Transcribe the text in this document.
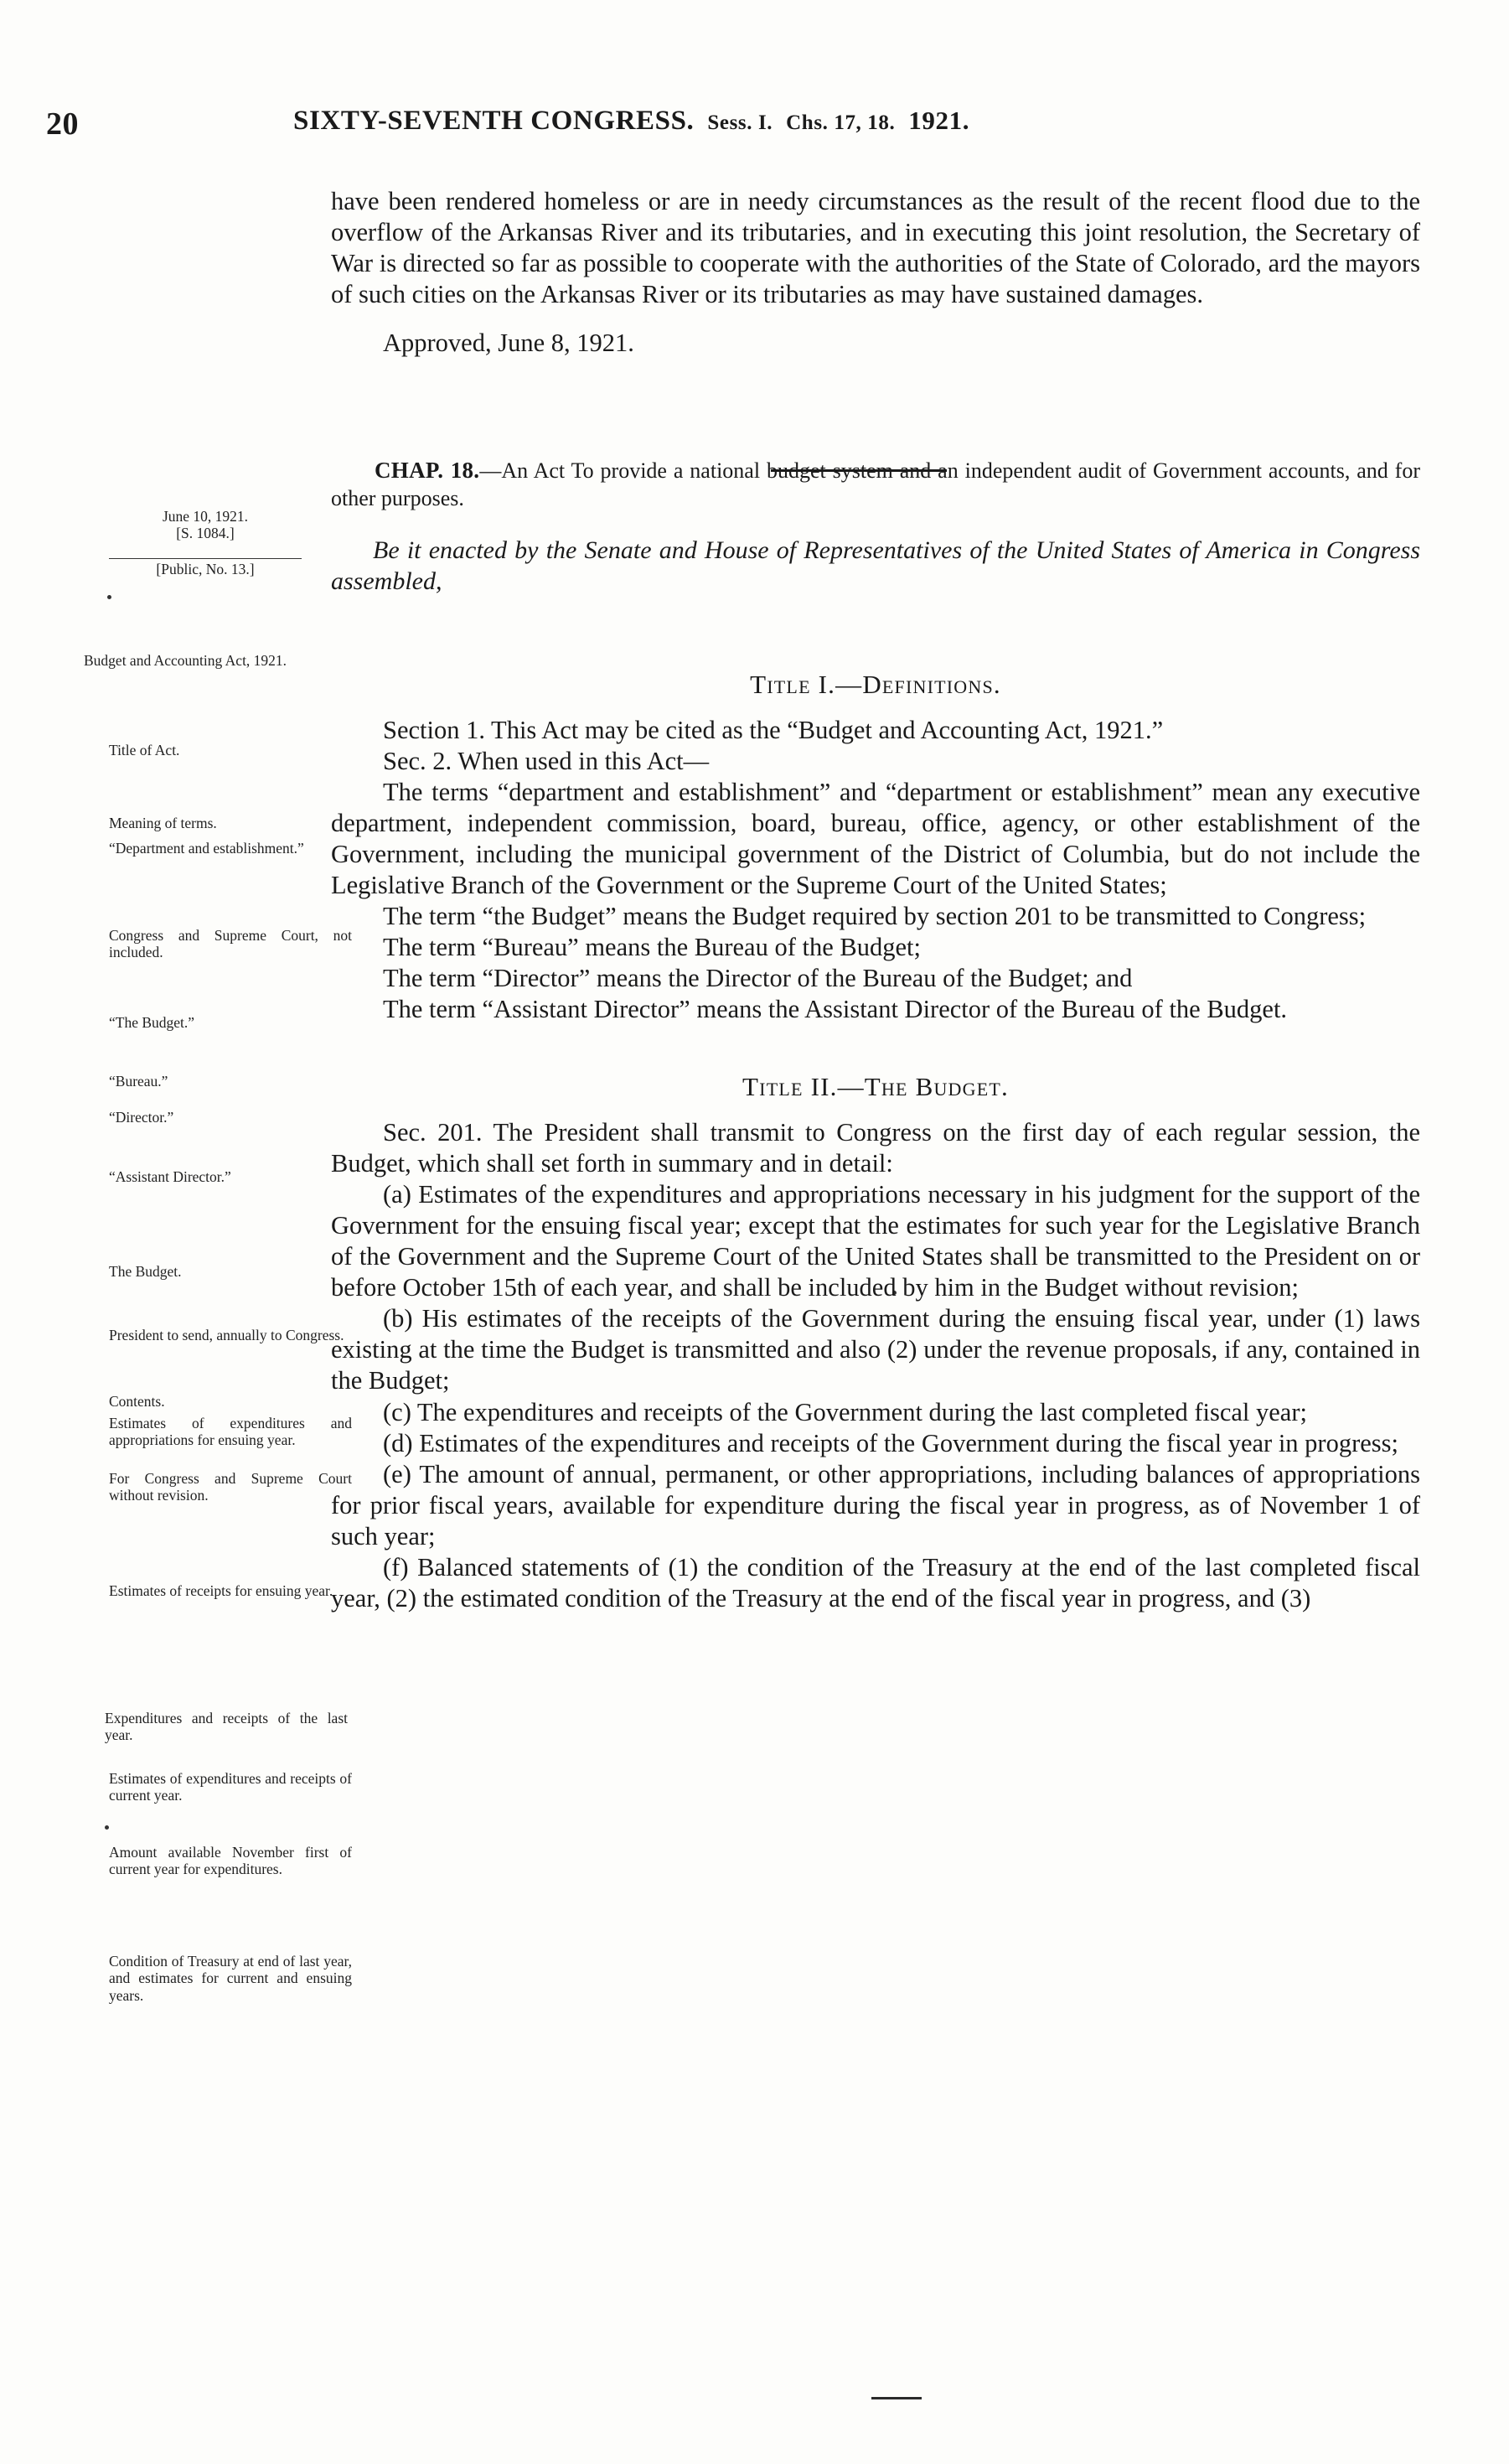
20	SIXTY-SEVENTH CONGRESS. Sess. I. Chs. 17, 18. 1921.
June 10, 1921.
[S. 1084.]
[Public, No. 13.]
Budget and Accounting Act, 1921.
Title of Act.
Meaning of terms.
“Department and establishment.”
Congress and Supreme Court, not included.
“The Budget.”
“Bureau.”
“Director.”
“Assistant Director.”
The Budget.
President to send, annually to Congress.
Contents.
Estimates of expenditures and appropriations for ensuing year.
For Congress and Supreme Court without revision.
Estimates of receipts for ensuing year.
Expenditures and receipts of the last year.
Estimates of expenditures and receipts of current year.
Amount available November first of current year for expenditures.
Condition of Treasury at end of last year, and estimates for current and ensuing years.

have been rendered homeless or are in needy circumstances as the result of the recent flood due to the overflow of the Arkansas River and its tributaries, and in executing this joint resolution, the Secretary of War is directed so far as possible to cooperate with the authorities of the State of Colorado, ard the mayors of such cities on the Arkansas River or its tributaries as may have sustained damages.

Approved, June 8, 1921.
CHAP. 18.—An Act To provide a national budget system and an independent audit of Government accounts, and for other purposes.

Be it enacted by the Senate and House of Representatives of the United States of America in Congress assembled,

Title I.—Definitions.

Section 1. This Act may be cited as the “Budget and Accounting Act, 1921.”

Sec. 2. When used in this Act—

The terms “department and establishment” and “department or establishment” mean any executive department, independent commission, board, bureau, office, agency, or other establishment of the Government, including the municipal government of the District of Columbia, but do not include the Legislative Branch of the Government or the Supreme Court of the United States;

The term “the Budget” means the Budget required by section 201 to be transmitted to Congress;

The term “Bureau” means the Bureau of the Budget;

The term “Director” means the Director of the Bureau of the Budget; and

The term “Assistant Director” means the Assistant Director of the Bureau of the Budget.

Title II.—The Budget.

Sec. 201. The President shall transmit to Congress on the first day of each regular session, the Budget, which shall set forth in summary and in detail:

(a) Estimates of the expenditures and appropriations necessary in his judgment for the support of the Government for the ensuing fiscal year; except that the estimates for such year for the Legislative Branch of the Government and the Supreme Court of the United States shall be transmitted to the President on or before October 15th of each year, and shall be included by him in the Budget without revision;

(b) His estimates of the receipts of the Government during the ensuing fiscal year, under (1) laws existing at the time the Budget is transmitted and also (2) under the revenue proposals, if any, contained in the Budget;

(c) The expenditures and receipts of the Government during the last completed fiscal year;

(d) Estimates of the expenditures and receipts of the Government during the fiscal year in progress;

(e) The amount of annual, permanent, or other appropriations, including balances of appropriations for prior fiscal years, available for expenditure during the fiscal year in progress, as of November 1 of such year;

(f) Balanced statements of (1) the condition of the Treasury at the end of the last completed fiscal year, (2) the estimated condition of the Treasury at the end of the fiscal year in progress, and (3)
